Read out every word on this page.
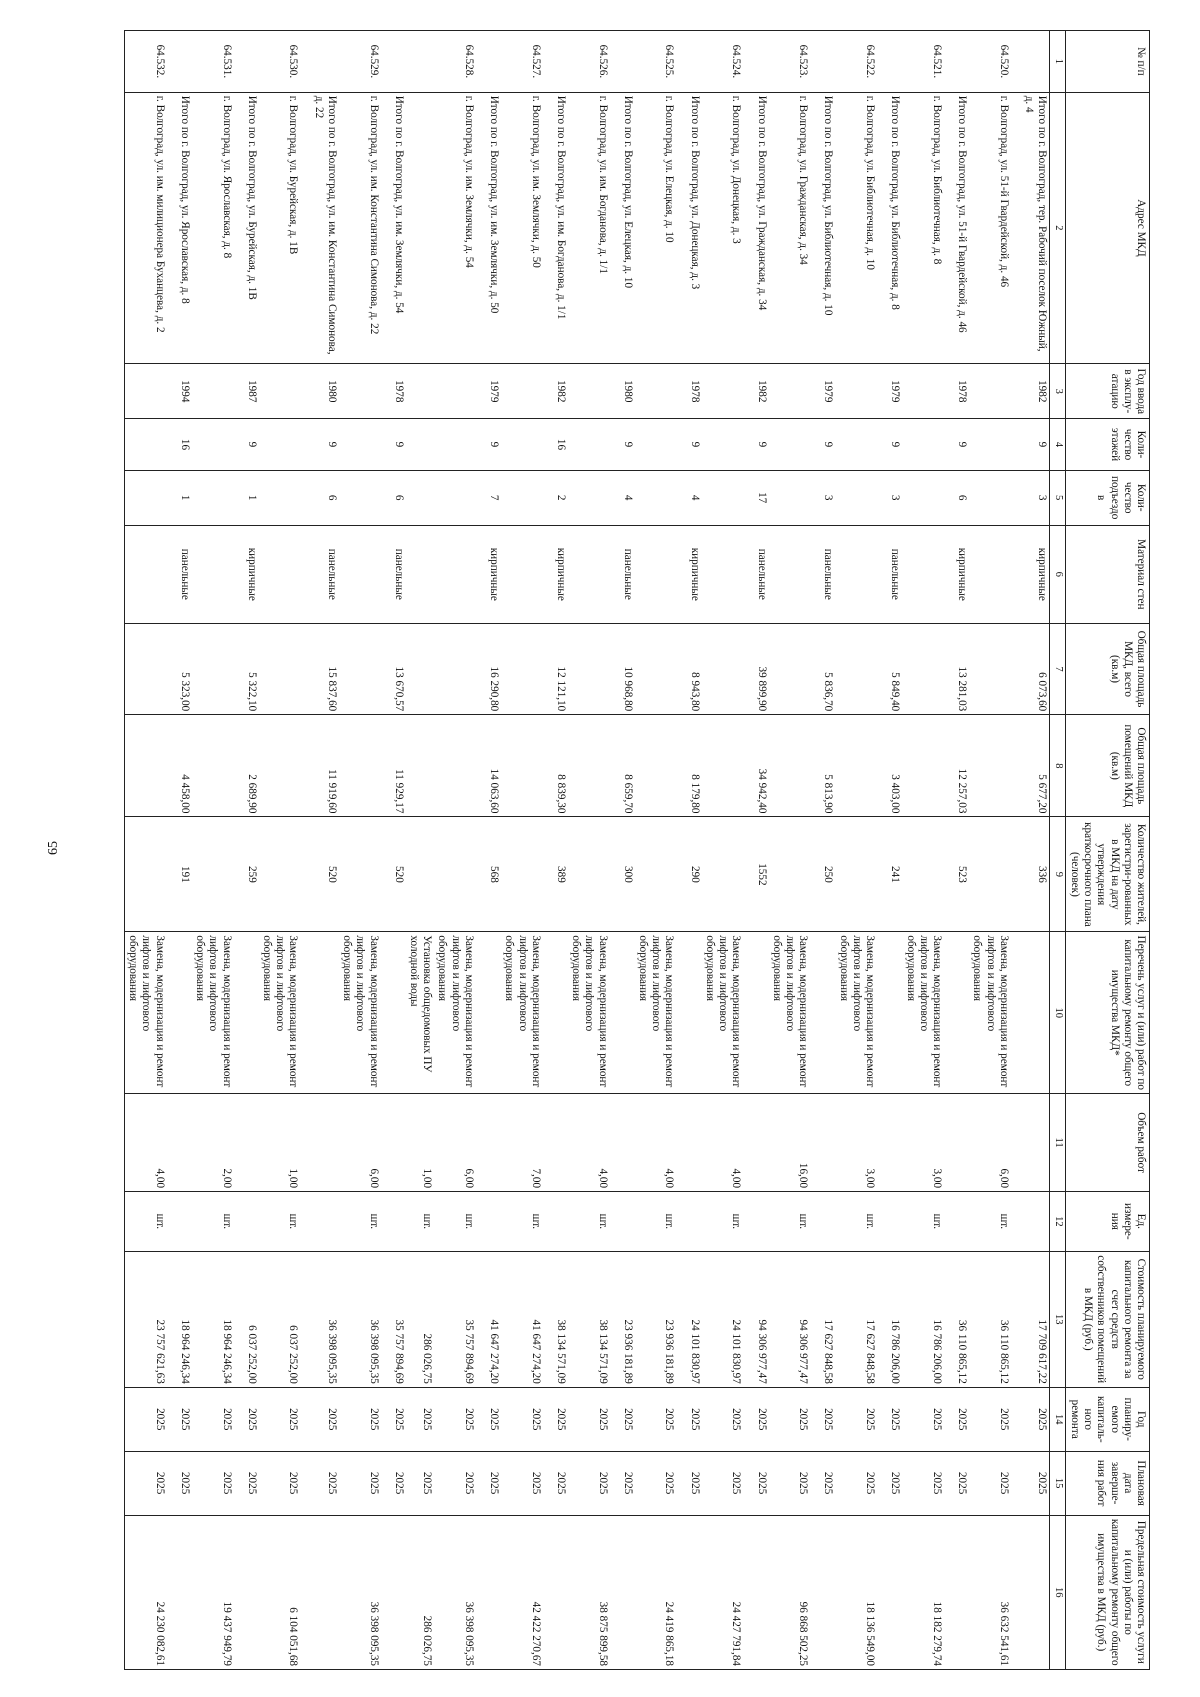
65
№ п/п	Адрес МКД	Год ввода в эксплу-атацию	Коли-чество этажей	Коли-чество подъездо в	Материал стен	Общая площадь МКД, всего (кв.м)	Общая площадь помещений МКД (кв.м)	Количество жителей, зарегистри-рованных в МКД на дату утверждения краткосрочного плана (человек)	Перечень услуг и (или) работ по капитальному ремонту общего имущества МКД*	Объем работ	Ед. измере-ния	Стоимость планируемого капитального ремонта за счет средств собственников помещений в МКД (руб.)	Год планиру-емого капиталь-ного ремонта	Плановая дата заверше-ния работ	Предельная стоимость услуги и (или) работы по капитальному ремонту общего имущества в МКД (руб.)
1	2	3	4	5	6	7	8	9	10	11	12	13	14	15	16
	Итого по г. Волгоград, тер. Рабочий поселок Южный, д. 4	1982	9	3	кирпичные	6 073,60	5 677,20	336				17 709 617,22	2025	2025	

64.520.	г. Волгоград, ул. 51-й Гвардейской, д. 46								Замена, модернизация и ремонт лифтов и лифтового оборудования	6,00	шт.	36 110 865,12	2025	2025	36 632 541,61
	Итого по г. Волгоград, ул. 51-й Гвардейской, д. 46	1978	9	6	кирпичные	13 281,03	12 257,03	523				36 110 865,12	2025	2025	

64.521.	г. Волгоград, ул. Библиотечная, д. 8								Замена, модернизация и ремонт лифтов и лифтового оборудования	3,00	шт.	16 786 206,00	2025	2025	18 182 279,74
	Итого по г. Волгоград, ул. Библиотечная, д. 8	1979	9	3	панельные	5 849,40	3 403,00	241				16 786 206,00	2025	2025	

64.522.	г. Волгоград, ул. Библиотечная, д. 10								Замена, модернизация и ремонт лифтов и лифтового оборудования	3,00	шт.	17 627 848,58	2025	2025	18 136 549,00
	Итого по г. Волгоград, ул. Библиотечная, д. 10	1979	9	3	панельные	5 836,70	5 813,90	250				17 627 848,58	2025	2025	

64.523.	г. Волгоград, ул. Гражданская, д. 34								Замена, модернизация и ремонт лифтов и лифтового оборудования	16,00	шт.	94 306 977,47	2025	2025	96 868 502,25
	Итого по г. Волгоград, ул. Гражданская, д. 34	1982	9	17	панельные	39 899,90	34 942,40	1552				94 306 977,47	2025	2025	

64.524.	г. Волгоград, ул. Донецкая, д. 3								Замена, модернизация и ремонт лифтов и лифтового оборудования	4,00	шт.	24 101 830,97	2025	2025	24 427 791,84
	Итого по г. Волгоград, ул. Донецкая, д. 3	1978	9	4	кирпичные	8 943,80	8 179,80	290				24 101 830,97	2025	2025	

64.525.	г. Волгоград, ул. Елецкая, д. 10								Замена, модернизация и ремонт лифтов и лифтового оборудования	4,00	шт.	23 936 181,89	2025	2025	24 419 865,18
	Итого по г. Волгоград, ул. Елецкая, д. 10	1980	9	4	панельные	10 968,80	8 659,70	300				23 936 181,89	2025	2025	

64.526.	г. Волгоград, ул. им. Богданова, д. 1/1								Замена, модернизация и ремонт лифтов и лифтового оборудования	4,00	шт.	38 134 571,09	2025	2025	38 875 899,58
	Итого по г. Волгоград, ул. им. Богданова, д. 1/1	1982	16	2	кирпичные	12 121,10	8 839,30	389				38 134 571,09	2025	2025	

64.527.	г. Волгоград, ул. им. Землячки, д. 50								Замена, модернизация и ремонт лифтов и лифтового оборудования	7,00	шт.	41 647 274,20	2025	2025	42 422 270,67
	Итого по г. Волгоград, ул. им. Землячки, д. 50	1979	9	7	кирпичные	16 290,80	14 063,60	568				41 647 274,20	2025	2025	

64.528.	г. Волгоград, ул. им. Землячки, д. 54								Замена, модернизация и ремонт лифтов и лифтового оборудования	6,00	шт.	35 757 894,69	2025	2025	36 398 095,35
									Установка общедомовых ПУ холодной воды	1,00	шт.	286 026,75	2025	2025	286 026,75
	Итого по г. Волгоград, ул. им. Землячки, д. 54	1978	9	6	панельные	13 670,57	11 929,17	520				35 757 894,69	2025	2025	

64.529.	г. Волгоград, ул. им. Константина Симонова, д. 22								Замена, модернизация и ремонт лифтов и лифтового оборудования	6,00	шт.	36 398 095,35	2025	2025	36 398 095,35
	Итого по г. Волгоград, ул. им. Константина Симонова, д. 22	1980	9	6	панельные	15 837,60	11 919,60	520				36 398 095,35	2025	2025	

64.530.	г. Волгоград, ул. Бурейская, д. 1В								Замена, модернизация и ремонт лифтов и лифтового оборудования	1,00	шт.	6 037 252,00	2025	2025	6 104 051,68
	Итого по г. Волгоград, ул. Бурейская, д. 1В	1987	9	1	кирпичные	5 322,10	2 689,90	259				6 037 252,00	2025	2025	

64.531.	г. Волгоград, ул. Ярославская, д. 8								Замена, модернизация и ремонт лифтов и лифтового оборудования	2,00	шт.	18 964 246,34	2025	2025	19 437 949,79
	Итого по г. Волгоград, ул. Ярославская, д. 8	1994	16	1	панельные	5 323,00	4 458,00	191				18 964 246,34	2025	2025	

64.532.	г. Волгоград, ул. им. милиционера Буханцева, д. 2								Замена, модернизация и ремонт лифтов и лифтового оборудования	4,00	шт.	23 757 621,63	2025	2025	24 230 082,61
